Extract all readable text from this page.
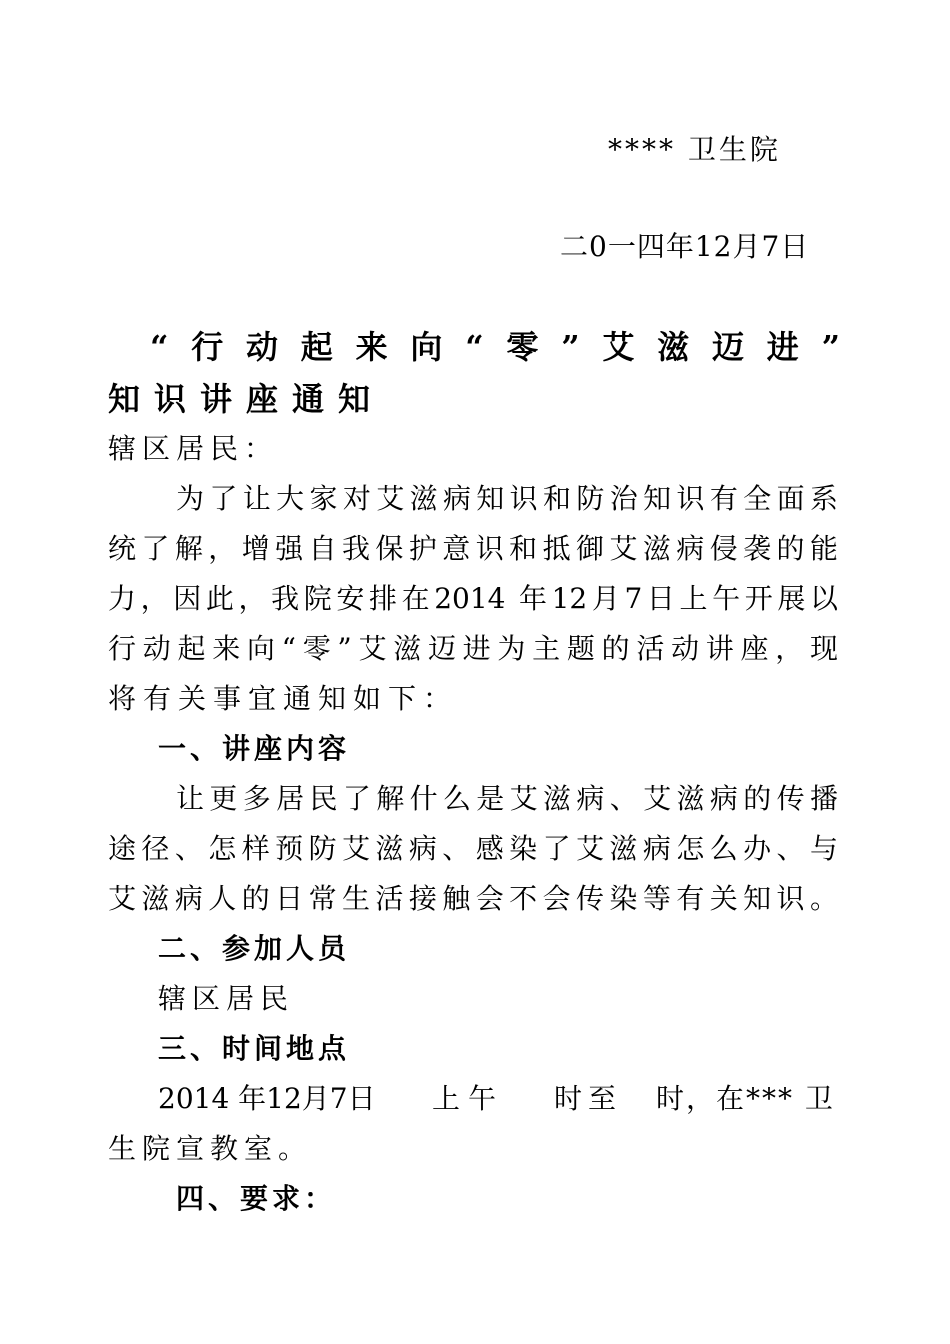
**** 卫生院
二0一四年12月7日
“行动起来向“零”艾滋迈进”
知识讲座通知
辖区居民：
为了让大家对艾滋病知识和防治知识有全面系
统了解，增强自我保护意识和抵御艾滋病侵袭的能
力，因此，我院安排在2014 年12月7日上午开展以
行动起来向“零”艾滋迈进为主题的活动讲座，现
将有关事宜通知如下：
一、讲座内容
让更多居民了解什么是艾滋病、艾滋病的传播
途径、怎样预防艾滋病、感染了艾滋病怎么办、与
艾滋病人的日常生活接触会不会传染等有关知识。
二、参加人员
辖区居民
三、时间地点
2014 年12月7日 上午 时至 时，在*** 卫
生院宣教室。
四、要求：
